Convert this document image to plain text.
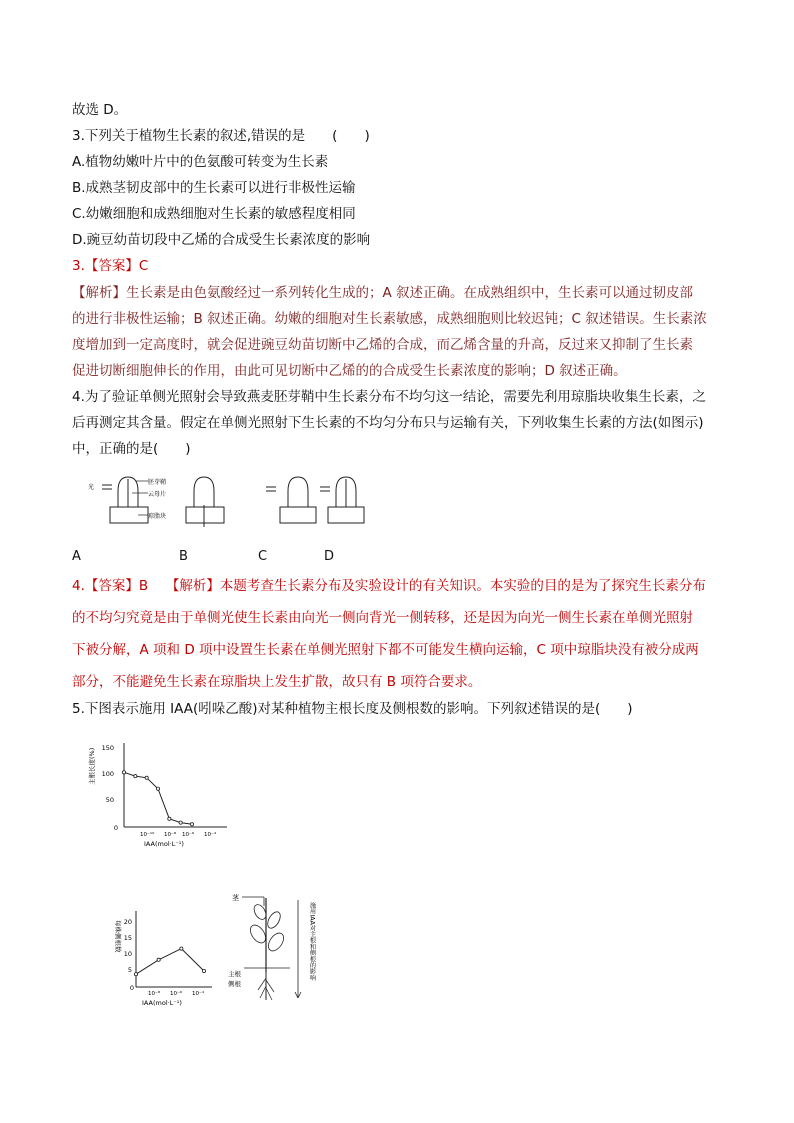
故选 D。
3.下列关于植物生长素的叙述,错误的是　　(　　)
A.植物幼嫩叶片中的色氨酸可转变为生长素
B.成熟茎韧皮部中的生长素可以进行非极性运输
C.幼嫩细胞和成熟细胞对生长素的敏感程度相同
D.豌豆幼苗切段中乙烯的合成受生长素浓度的影响
3.【答案】C
【解析】生长素是由色氨酸经过一系列转化生成的；A 叙述正确。在成熟组织中，生长素可以通过韧皮部
的进行非极性运输；B 叙述正确。幼嫩的细胞对生长素敏感，成熟细胞则比较迟钝；C 叙述错误。生长素浓
度增加到一定高度时，就会促进豌豆幼苗切断中乙烯的合成，而乙烯含量的升高，反过来又抑制了生长素
促进切断细胞伸长的作用，由此可见切断中乙烯的的合成受生长素浓度的影响；D 叙述正确。
4.为了验证单侧光照射会导致燕麦胚芽鞘中生长素分布不均匀这一结论，需要先利用琼脂块收集生长素，之
后再测定其含量。假定在单侧光照射下生长素的不均匀分布只与运输有关，下列收集生长素的方法(如图示)
中，正确的是(　　)
光
胚芽鞘
云母片
琼脂块
A	B	C	D
4.【答案】B　 【解析】本题考查生长素分布及实验设计的有关知识。本实验的目的是为了探究生长素分布
的不均匀究竟是由于单侧光使生长素由向光一侧向背光一侧转移，还是因为向光一侧生长素在单侧光照射
下被分解，A 项和 D 项中设置生长素在单侧光照射下都不可能发生横向运输，C 项中琼脂块没有被分成两
部分，不能避免生长素在琼脂块上发生扩散，故只有 B 项符合要求。
5.下图表示施用 IAA(吲哚乙酸)对某种植物主根长度及侧根数的影响。下列叙述错误的是(　　)
主根长度(%) 150
100
50
0
10⁻¹⁰ 10⁻⁸ 10⁻⁶ 10⁻⁴
IAA(mol·L⁻¹)
每株侧根数 20
15
10
5
0
10⁻⁸ 10⁻⁶ 10⁻⁴
IAA(mol·L⁻¹)
茎
主根
侧根
施用IAA对主根和侧根的影响
